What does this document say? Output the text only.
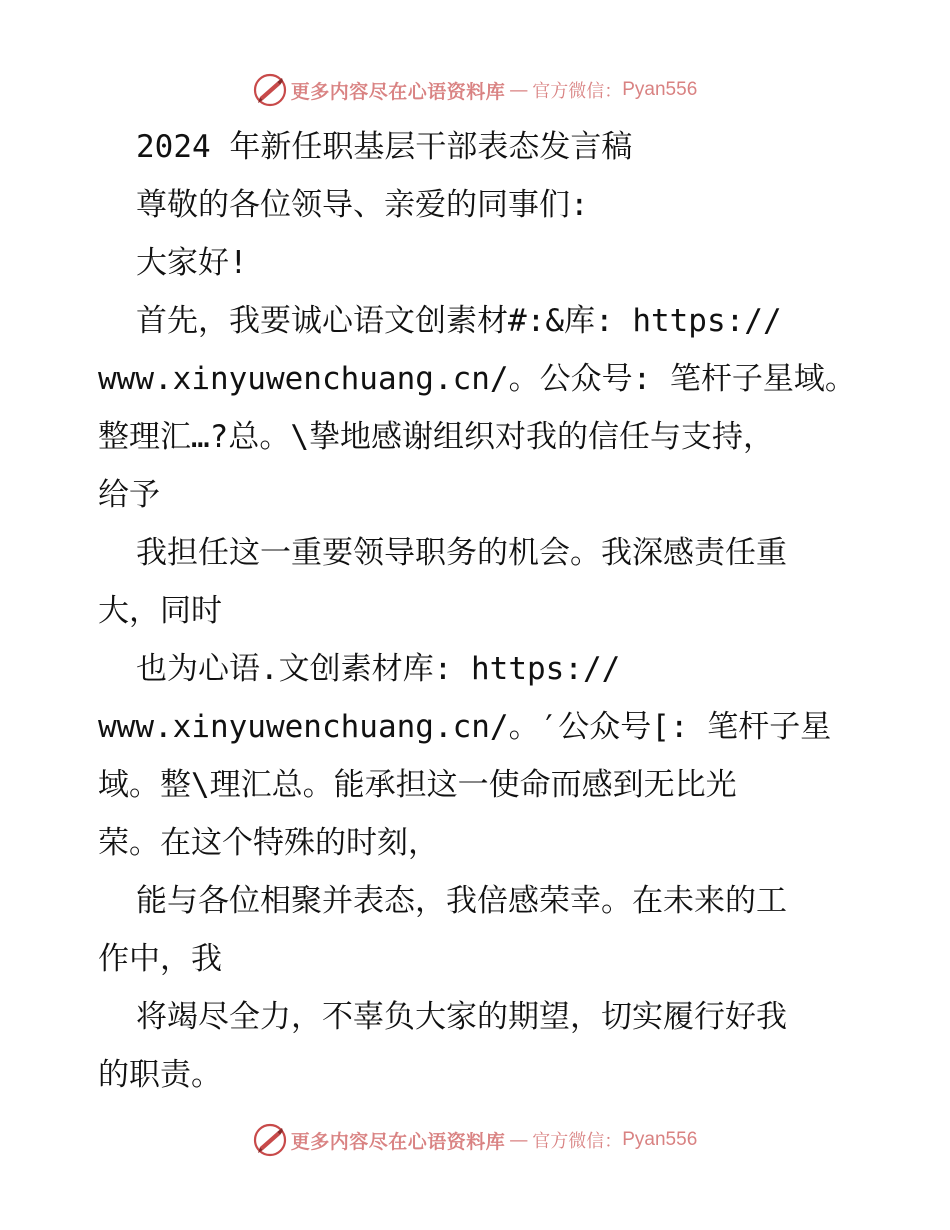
更多内容尽在心语资料库 — 官方微信： Pyan556
2024 年新任职基层干部表态发言稿
尊敬的各位领导、亲爱的同事们:
大家好!
首先，我要诚心语文创素材#:&库: https://
www.xinyuwenchuang.cn/。公众号: 笔杆子星域。
整理汇…?总。\挚地感谢组织对我的信任与支持，
给予
我担任这一重要领导职务的机会。我深感责任重
大，同时
也为心语.文创素材库: https://
www.xinyuwenchuang.cn/。′公众号[: 笔杆子星
域。整\理汇总。能承担这一使命而感到无比光
荣。在这个特殊的时刻，
能与各位相聚并表态，我倍感荣幸。在未来的工
作中，我
将竭尽全力，不辜负大家的期望，切实履行好我
的职责。
更多内容尽在心语资料库 — 官方微信： Pyan556
